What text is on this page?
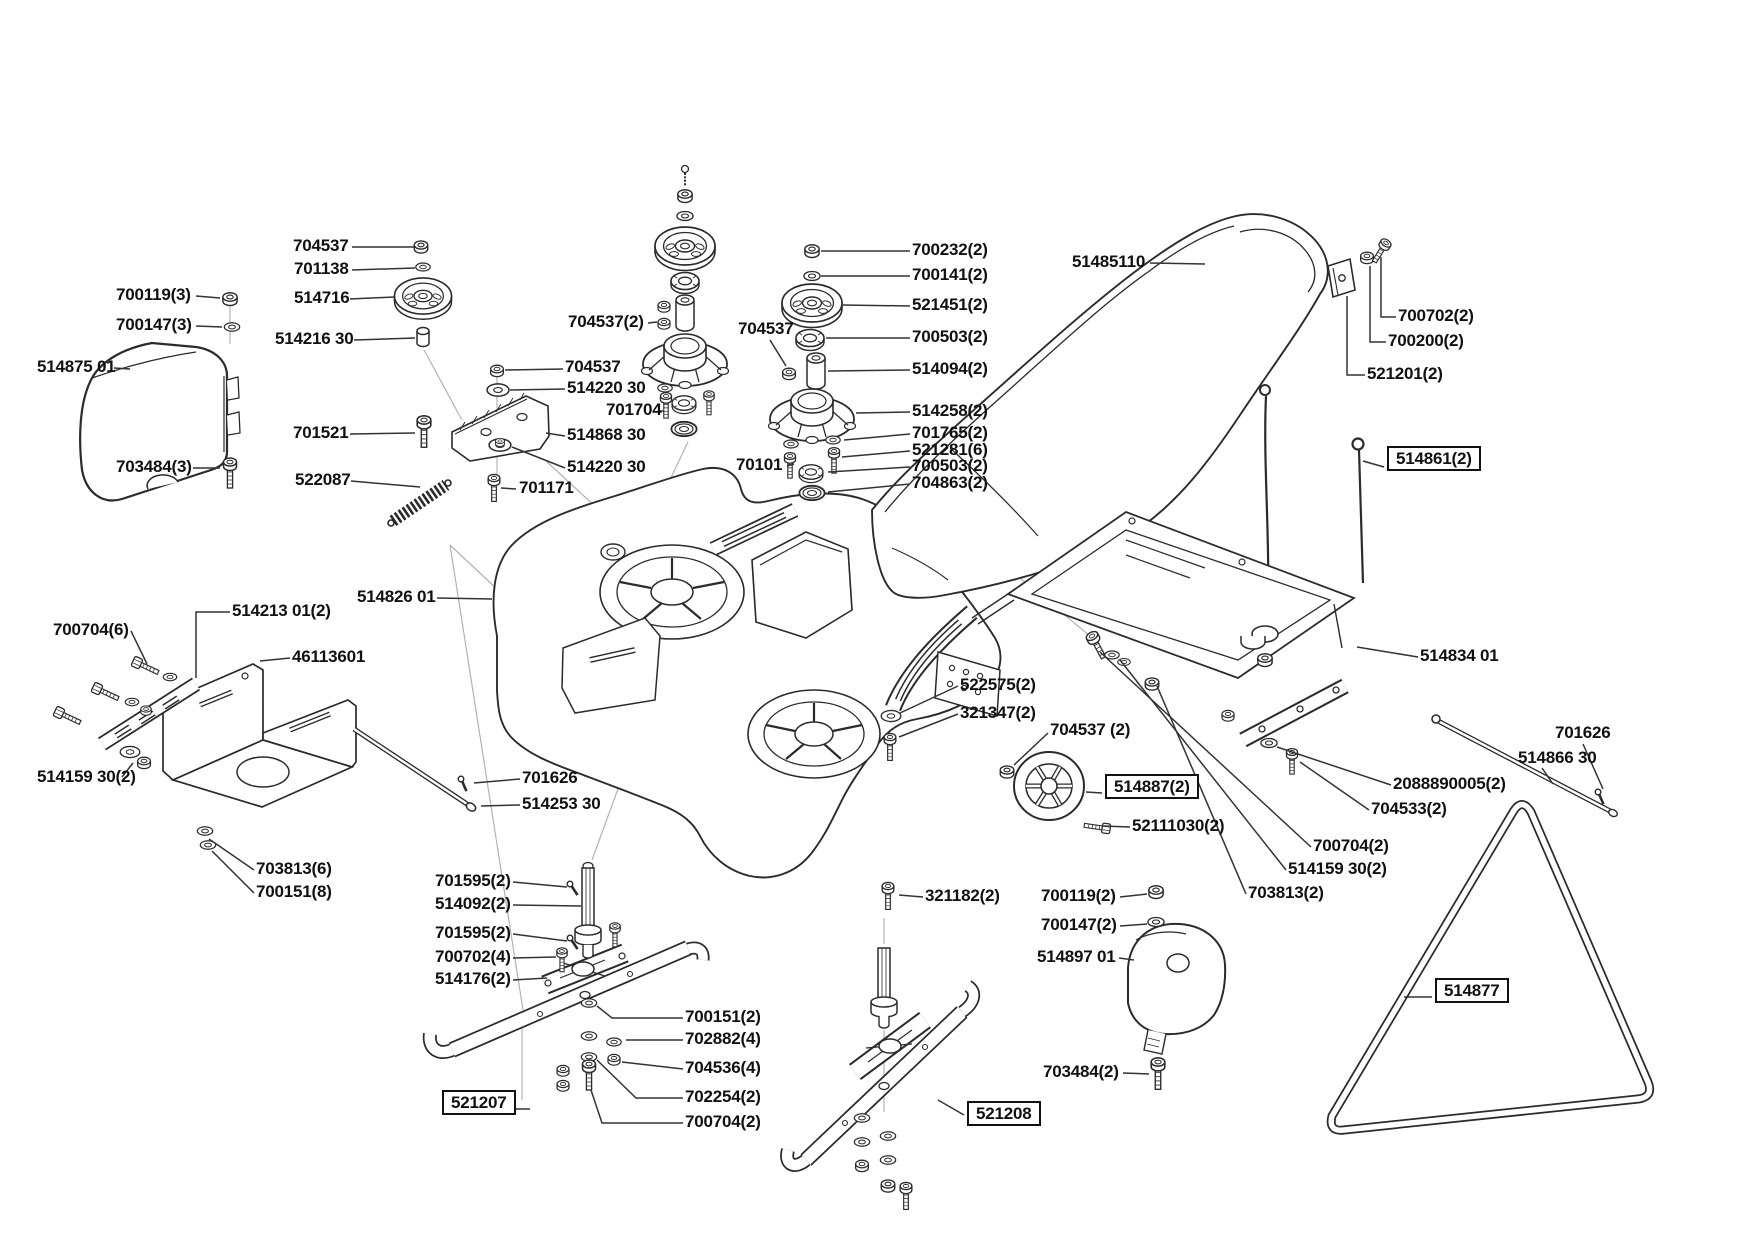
704537
701138
514716
700119(3)
700147(3)
514875 01
514216 30
703484(3)
701521
522087	701171
704537(2)
704537
514220 30
701704
514868 30
514220 30
514826 01
700232(2)
700141(2)
521451(2)
700503(2)
514094(2)
514258(2)
701765(2)
521281(6)
700503(2)
704863(2)
704537
70101
51485110
700702(2)
700200(2)
521201(2)
514861(2)
514834 01
522575(2)
321347(2)
704537 (2)
514887(2)
52111030(2)
701626
514866 30
2088890005(2)
704533(2)
700704(2)
514159 30(2)
703813(2)
321182(2) 700119(2)
700147(2)
514897 01
703484(2)
521208
514877
701595(2)
514092(2)
701595(2)
700702(4)
514176(2)
521207
700151(2)
702882(4)
704536(4)
702254(2)
700704(2)
700704(6)
514213 01(2)
46113601
514159 30(2)
703813(6)
700151(8)
701626
514253 30
